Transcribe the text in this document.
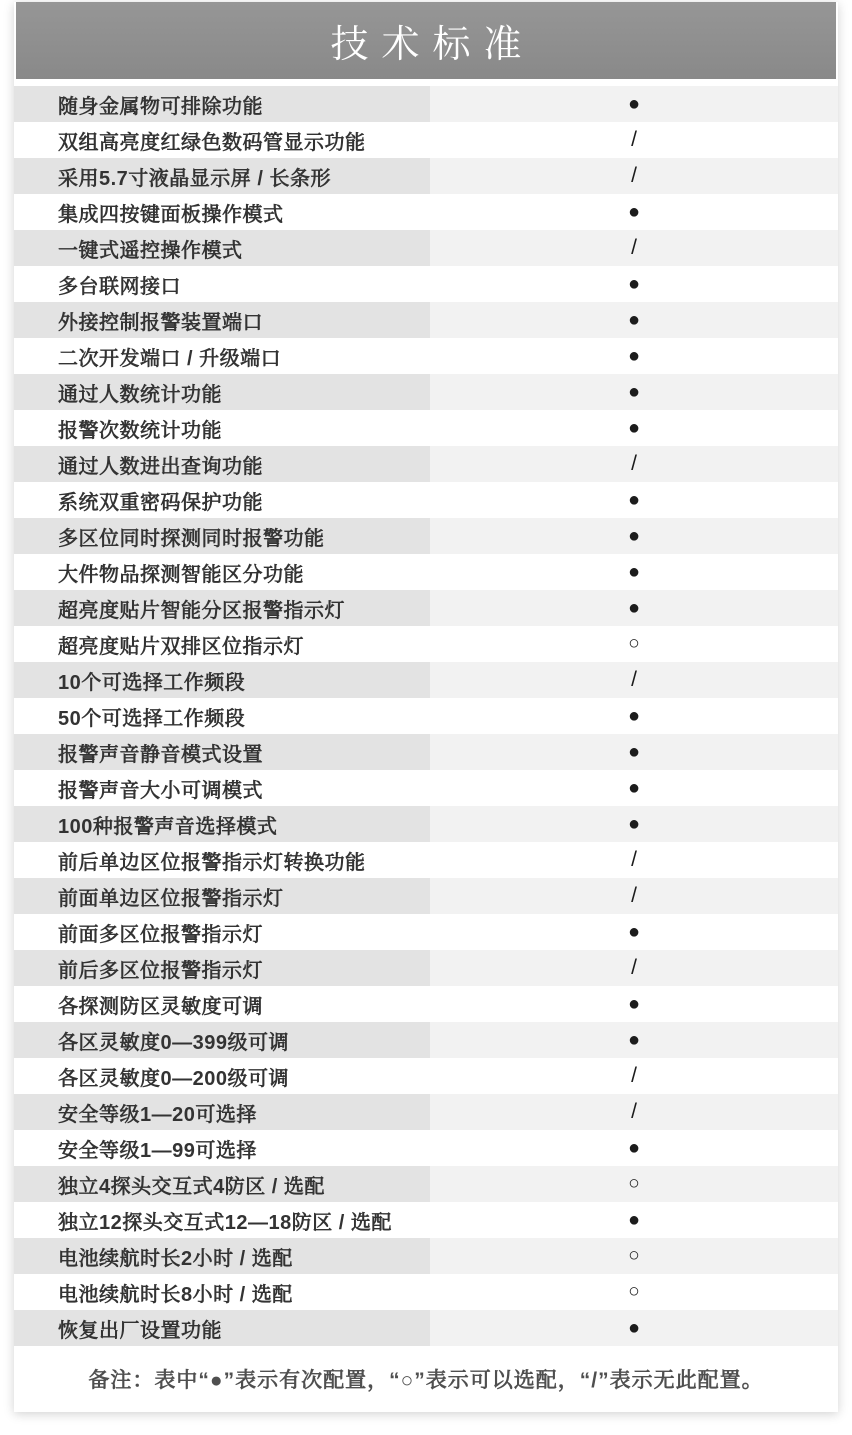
技术标准
随身金属物可排除功能	●
双组高亮度红绿色数码管显示功能	/
采用5.7寸液晶显示屏 / 长条形	/
集成四按键面板操作模式	●
一键式遥控操作模式	/
多台联网接口	●
外接控制报警装置端口	●
二次开发端口 / 升级端口	●
通过人数统计功能	●
报警次数统计功能	●
通过人数进出查询功能	/
系统双重密码保护功能	●
多区位同时探测同时报警功能	●
大件物品探测智能区分功能	●
超亮度贴片智能分区报警指示灯	●
超亮度贴片双排区位指示灯	○
10个可选择工作频段	/
50个可选择工作频段	●
报警声音静音模式设置	●
报警声音大小可调模式	●
100种报警声音选择模式	●
前后单边区位报警指示灯转换功能	/
前面单边区位报警指示灯	/
前面多区位报警指示灯	●
前后多区位报警指示灯	/
各探测防区灵敏度可调	●
各区灵敏度0—399级可调	●
各区灵敏度0—200级可调	/
安全等级1—20可选择	/
安全等级1—99可选择	●
独立4探头交互式4防区 / 选配	○
独立12探头交互式12—18防区 / 选配	●
电池续航时长2小时 / 选配	○
电池续航时长8小时 / 选配	○
恢复出厂设置功能	●
备注：表中“●”表示有次配置，“○”表示可以选配，“/”表示无此配置。
